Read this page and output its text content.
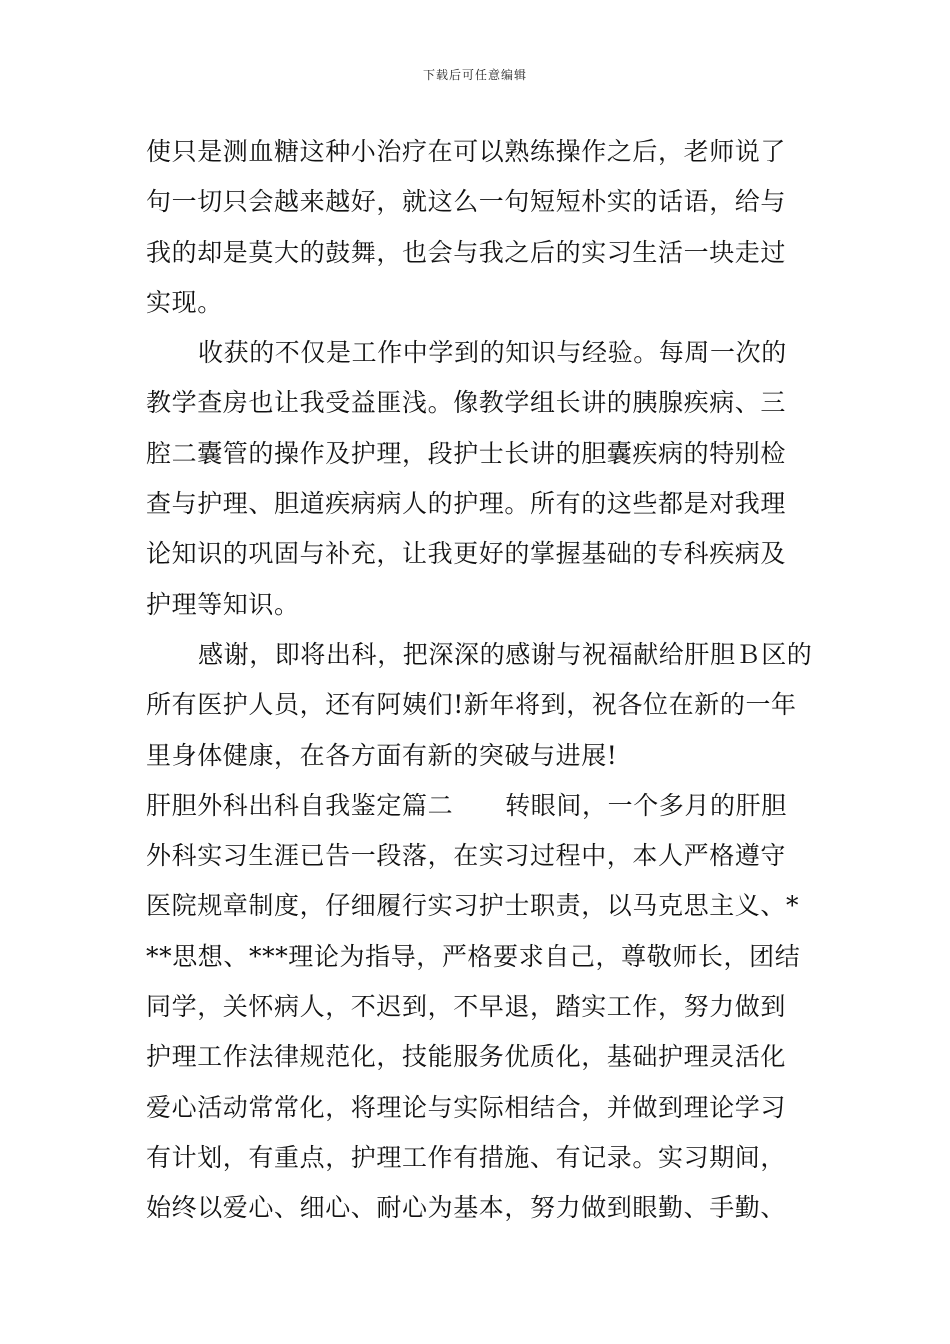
下载后可任意编辑
使只是测血糖这种小治疗在可以熟练操作之后，老师说了
句一切只会越来越好，就这么一句短短朴实的话语，给与
我的却是莫大的鼓舞，也会与我之后的实习生活一块走过
实现。
收获的不仅是工作中学到的知识与经验。每周一次的
教学查房也让我受益匪浅。像教学组长讲的胰腺疾病、三
腔二囊管的操作及护理，段护士长讲的胆囊疾病的特别检
查与护理、胆道疾病病人的护理。所有的这些都是对我理
论知识的巩固与补充，让我更好的掌握基础的专科疾病及
护理等知识。
感谢，即将出科，把深深的感谢与祝福献给肝胆Ｂ区的
所有医护人员，还有阿姨们!新年将到，祝各位在新的一年
里身体健康，在各方面有新的突破与进展!
肝胆外科出科自我鉴定篇二 转眼间，一个多月的肝胆
外科实习生涯已告一段落，在实习过程中，本人严格遵守
医院规章制度，仔细履行实习护士职责，以马克思主义、*
**思想、***理论为指导，严格要求自己，尊敬师长，团结
同学，关怀病人，不迟到，不早退，踏实工作，努力做到
护理工作法律规范化，技能服务优质化，基础护理灵活化
爱心活动常常化，将理论与实际相结合，并做到理论学习
有计划，有重点，护理工作有措施、有记录。实习期间，
始终以爱心、细心、耐心为基本，努力做到眼勤、手勤、
